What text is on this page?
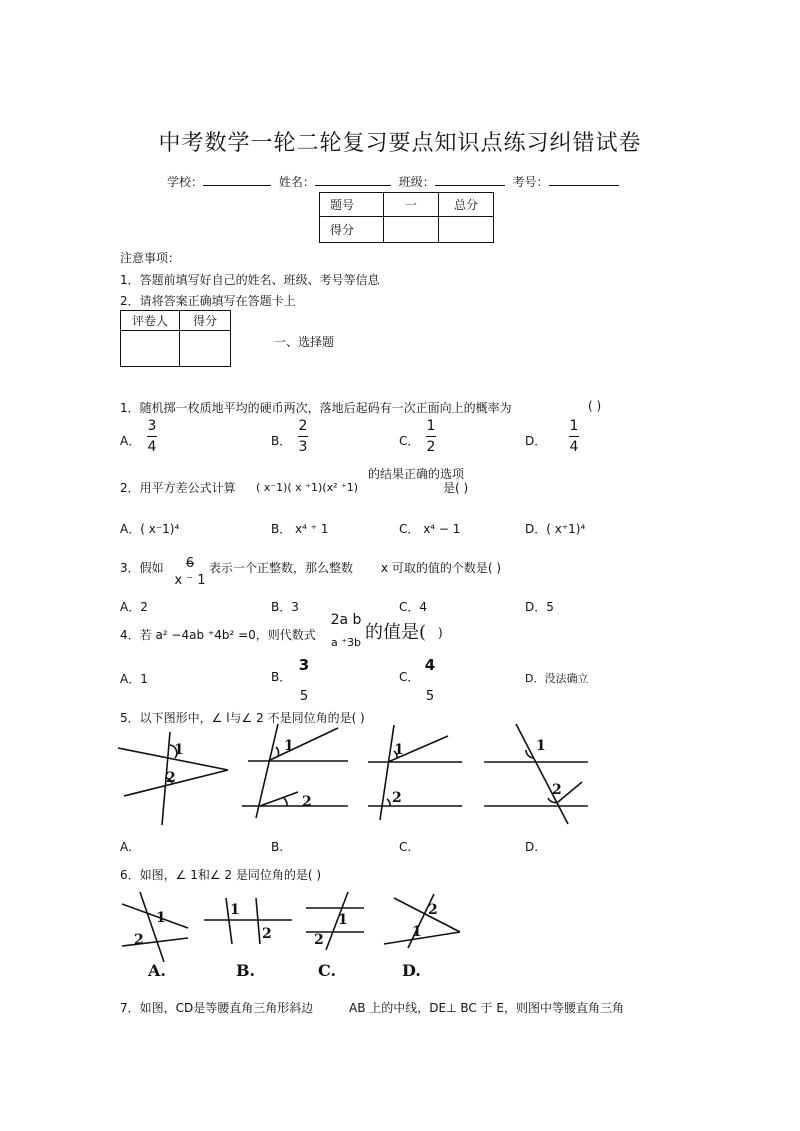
中考数学一轮二轮复习要点知识点练习纠错试卷
学校：	姓名：	班级：	考号：
题号	一	总分
得分		
注意事项：
1．答题前填写好自己的姓名、班级、考号等信息
2．请将答案正确填写在答题卡上
评卷人	得分

一、选择题
1．随机掷一枚质地平均的硬币两次，落地后起码有一次正面向上的概率为	( )
A．
3
4	B．
2
3	C．
1
2	D．
1
4
2．用平方差公式计算 ( x⁻1)( x ⁺1)(x² ⁺1)
的结果正确的选项
是( )
A．( x⁻1)⁴	B． x⁴ ⁺ 1	C． x⁴ − 1	D．( x⁺1)⁴
3．假如	6
x ⁻ 1
表示一个正整数，那么整数 x 可取的值的个数是( )
A．2	B．3	C．4	D．5
4．若 a² −4ab ⁺4b² =0，则代数式
2a b
a ⁺3b 的值是( )
A．1	B．
3
5
C．
4
5
D．没法确立
5．以下图形中，∠ l与∠ 2 不是同位角的是( )
1
2
1
2
1
2
1
2
A.	B.	C.	D.
6．如图，∠ 1和∠ 2 是同位角的是( )
1
2
A.
1
2
B.
1
2
C.
2
1
D.
7．如图，CD是等腰直角三角形斜边	AB 上的中线，DE⊥ BC 于 E，则图中等腰直角三角
